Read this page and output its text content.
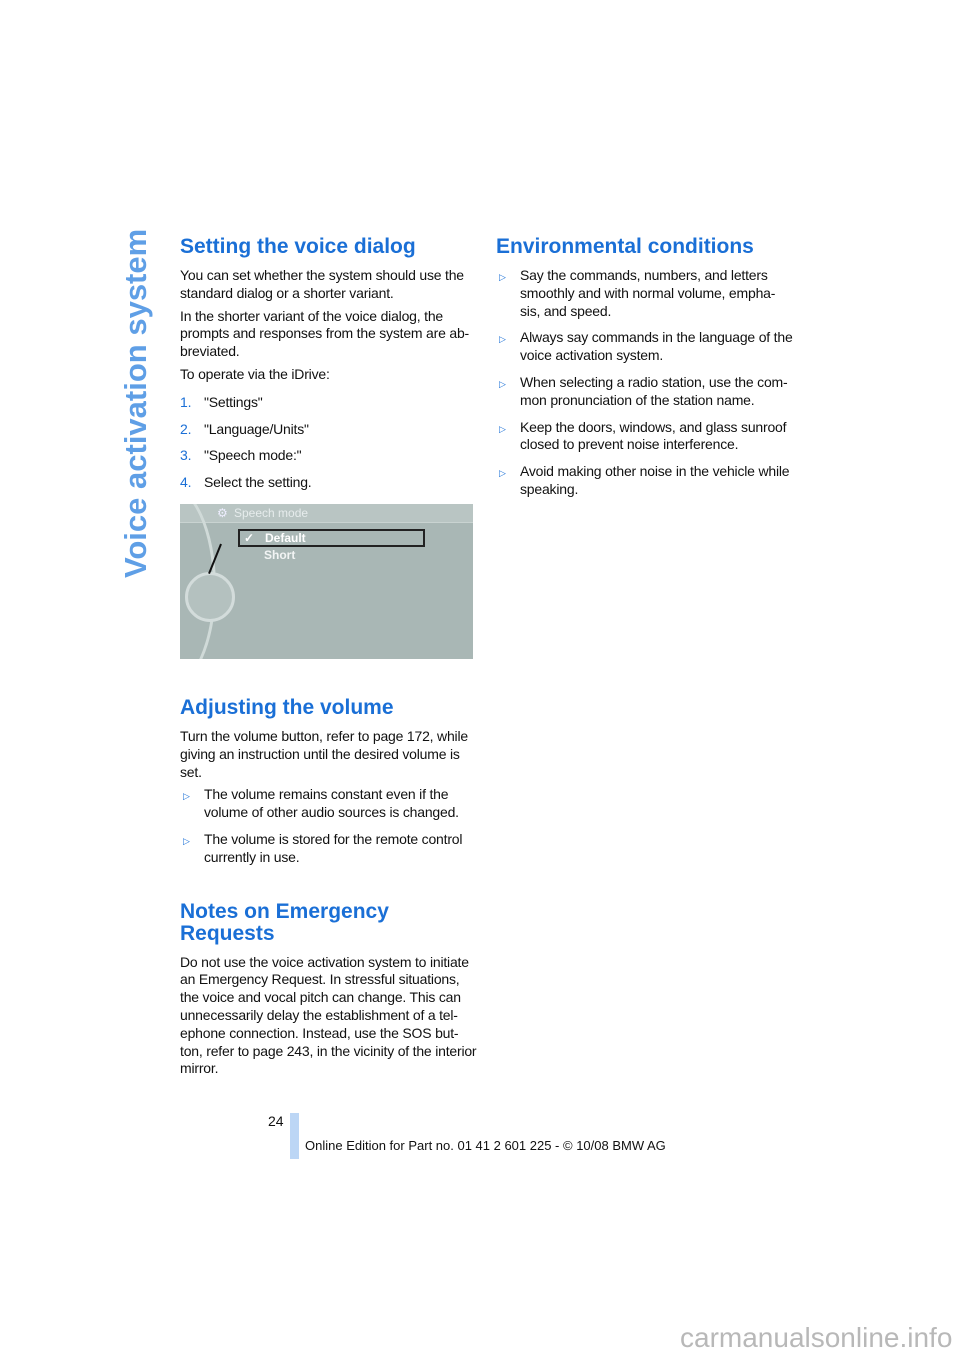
Voice activation system Setting the voice dialog

You can set whether the system should use the standard dialog or a shorter variant.

In the shorter variant of the voice dialog, the prompts and responses from the system are ab-breviated.

To operate via the iDrive:

1. "Settings"
2. "Language/Units"
3. "Speech mode:"
4. Select the setting.
⚙ Speech mode
✓ Default
Short
Adjusting the volume

Turn the volume button, refer to page 172, while giving an instruction until the desired volume is set.

▷	The volume remains constant even if the volume of other audio sources is changed.
▷	The volume is stored for the remote control currently in use.
Notes on Emergency Requests

Do not use the voice activation system to initiate an Emergency Request. In stressful situations, the voice and vocal pitch can change. This can unnecessarily delay the establishment of a tel-ephone connection. Instead, use the SOS but-ton, refer to page 243, in the vicinity of the interior mirror.

Environmental conditions
▷	Say the commands, numbers, and letters smoothly and with normal volume, empha-sis, and speed.
▷	Always say commands in the language of the voice activation system.
▷	When selecting a radio station, use the com-mon pronunciation of the station name.
▷	Keep the doors, windows, and glass sunroof closed to prevent noise interference.
▷	Avoid making other noise in the vehicle while speaking.
24
Online Edition for Part no. 01 41 2 601 225 - © 10/08 BMW AG
carmanualsonline.info
